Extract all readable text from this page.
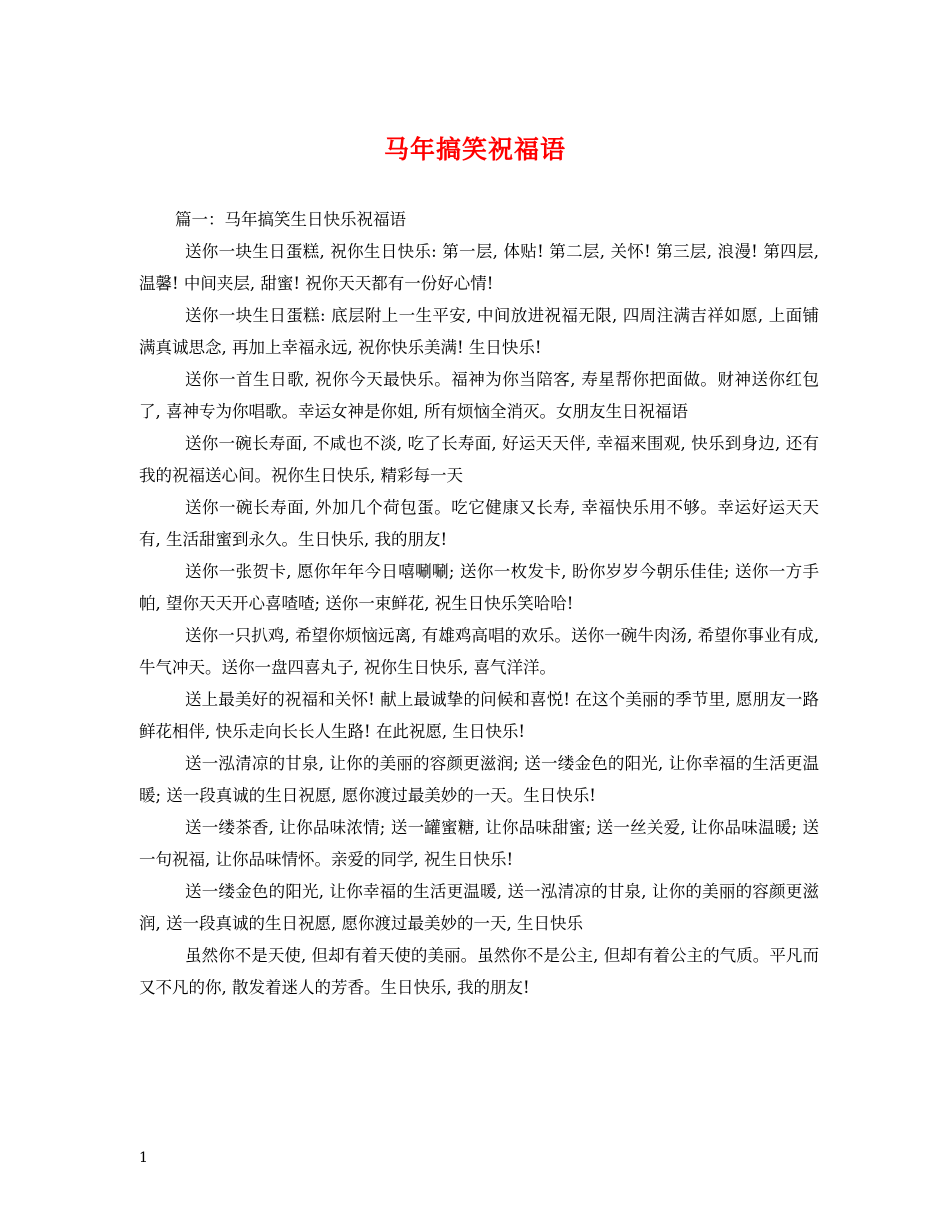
马年搞笑祝福语

篇一：马年搞笑生日快乐祝福语

送你一块生日蛋糕, 祝你生日快乐: 第一层, 体贴! 第二层, 关怀! 第三层, 浪漫! 第四层, 温馨! 中间夹层, 甜蜜! 祝你天天都有一份好心情!

送你一块生日蛋糕: 底层附上一生平安, 中间放进祝福无限, 四周注满吉祥如愿, 上面铺满真诚思念, 再加上幸福永远, 祝你快乐美满! 生日快乐!

送你一首生日歌, 祝你今天最快乐。福神为你当陪客, 寿星帮你把面做。财神送你红包了, 喜神专为你唱歌。幸运女神是你姐, 所有烦恼全消灭。女朋友生日祝福语

送你一碗长寿面, 不咸也不淡, 吃了长寿面, 好运天天伴, 幸福来围观, 快乐到身边, 还有我的祝福送心间。祝你生日快乐, 精彩每一天

送你一碗长寿面, 外加几个荷包蛋。吃它健康又长寿, 幸福快乐用不够。幸运好运天天有, 生活甜蜜到永久。生日快乐, 我的朋友!

送你一张贺卡, 愿你年年今日嘻唰唰; 送你一枚发卡, 盼你岁岁今朝乐佳佳; 送你一方手帕, 望你天天开心喜喳喳; 送你一束鲜花, 祝生日快乐笑哈哈!

送你一只扒鸡, 希望你烦恼远离, 有雄鸡高唱的欢乐。送你一碗牛肉汤, 希望你事业有成, 牛气冲天。送你一盘四喜丸子, 祝你生日快乐, 喜气洋洋。

送上最美好的祝福和关怀! 献上最诚挚的问候和喜悦! 在这个美丽的季节里, 愿朋友一路鲜花相伴, 快乐走向长长人生路! 在此祝愿, 生日快乐!

送一泓清凉的甘泉, 让你的美丽的容颜更滋润; 送一缕金色的阳光, 让你幸福的生活更温暖; 送一段真诚的生日祝愿, 愿你渡过最美妙的一天。生日快乐!

送一缕茶香, 让你品味浓情; 送一罐蜜糖, 让你品味甜蜜; 送一丝关爱, 让你品味温暖; 送一句祝福, 让你品味情怀。亲爱的同学, 祝生日快乐!

送一缕金色的阳光, 让你幸福的生活更温暖, 送一泓清凉的甘泉, 让你的美丽的容颜更滋润, 送一段真诚的生日祝愿, 愿你渡过最美妙的一天, 生日快乐

虽然你不是天使, 但却有着天使的美丽。虽然你不是公主, 但却有着公主的气质。平凡而又不凡的你, 散发着迷人的芳香。生日快乐, 我的朋友!

1
